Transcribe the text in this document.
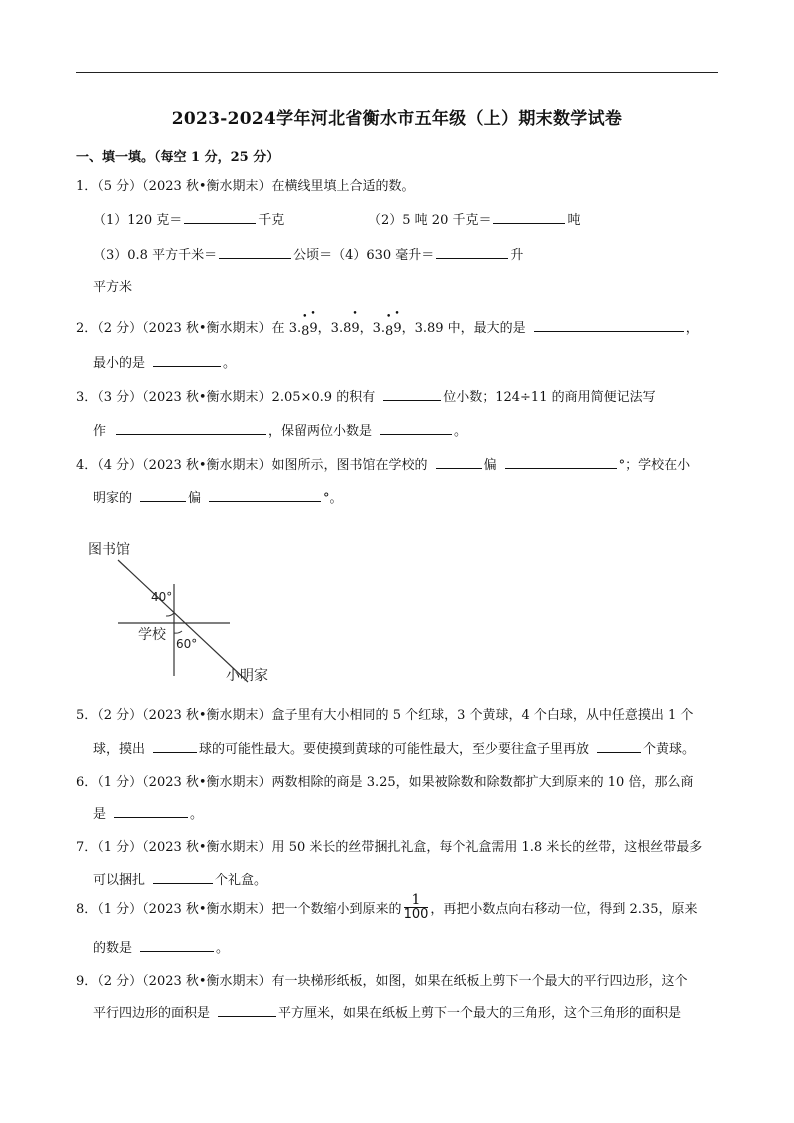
2023-2024学年河北省衡水市五年级（上）期末数学试卷
一、填一填。（每空 1 分，25 分）
1．（5 分）（2023 秋•衡水期末）在横线里填上合适的数。
（1）120 克＝	千克	（2）5 吨 20 千克＝	吨
（3）0.8 平方千米＝	公顷＝（4）630 毫升＝	升
平方米
2．（2 分）（2023 秋•衡水期末）在 3.• 8• 9，3.8• 9，3.• 8• 9，3.89 中，最大的是	，
最小的是	。
3．（3 分）（2023 秋•衡水期末）2.05×0.9 的积有	位小数；124÷11 的商用简便记法写
作	，保留两位小数是	。
4．（4 分）（2023 秋•衡水期末）如图所示，图书馆在学校的	偏	°；学校在小
明家的	偏	°。
图书馆
40°
学校
60°
小明家
5．（2 分）（2023 秋•衡水期末）盒子里有大小相同的 5 个红球，3 个黄球，4 个白球，从中任意摸出 1 个
球，摸出	球的可能性最大。要使摸到黄球的可能性最大，至少要往盒子里再放	个黄球。
6．（1 分）（2023 秋•衡水期末）两数相除的商是 3.25，如果被除数和除数都扩大到原来的 10 倍，那么商
是	。
7．（1 分）（2023 秋•衡水期末）用 50 米长的丝带捆扎礼盒，每个礼盒需用 1.8 米长的丝带，这根丝带最多
可以捆扎	个礼盒。
8．（1 分）（2023 秋•衡水期末）把一个数缩小到原来的 $\frac{1}{100}$ ，再把小数点向右移动一位，得到 2.35，原来
的数是	。
9．（2 分）（2023 秋•衡水期末）有一块梯形纸板，如图，如果在纸板上剪下一个最大的平行四边形，这个
平行四边形的面积是	平方厘米，如果在纸板上剪下一个最大的三角形，这个三角形的面积是
